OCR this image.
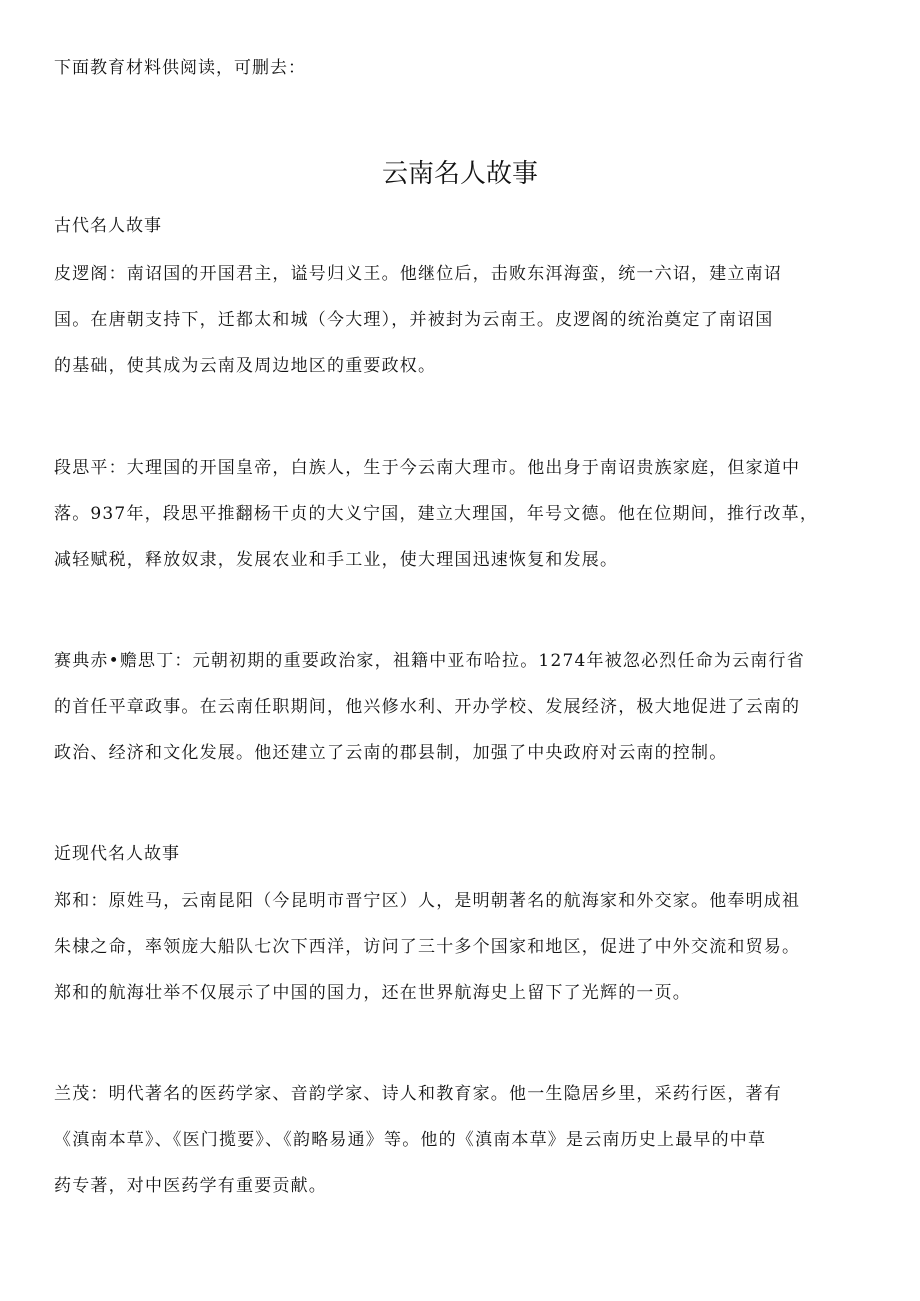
下面教育材料供阅读，可删去：
云南名人故事
古代名人故事
皮逻阁：南诏国的开国君主，谥号归义王。他继位后，击败东洱海蛮，统一六诏，建立南诏
国。在唐朝支持下，迁都太和城（今大理），并被封为云南王。皮逻阁的统治奠定了南诏国
的基础，使其成为云南及周边地区的重要政权。
段思平：大理国的开国皇帝，白族人，生于今云南大理市。他出身于南诏贵族家庭，但家道中
落。937年，段思平推翻杨干贞的大义宁国，建立大理国，年号文德。他在位期间，推行改革，
减轻赋税，释放奴隶，发展农业和手工业，使大理国迅速恢复和发展。
赛典赤•赡思丁：元朝初期的重要政治家，祖籍中亚布哈拉。1274年被忽必烈任命为云南行省
的首任平章政事。在云南任职期间，他兴修水利、开办学校、发展经济，极大地促进了云南的
政治、经济和文化发展。他还建立了云南的郡县制，加强了中央政府对云南的控制。
近现代名人故事
郑和：原姓马，云南昆阳（今昆明市晋宁区）人，是明朝著名的航海家和外交家。他奉明成祖
朱棣之命，率领庞大船队七次下西洋，访问了三十多个国家和地区，促进了中外交流和贸易。
郑和的航海壮举不仅展示了中国的国力，还在世界航海史上留下了光辉的一页。
兰茂：明代著名的医药学家、音韵学家、诗人和教育家。他一生隐居乡里，采药行医，著有
《滇南本草》、《医门揽要》、《韵略易通》等。他的《滇南本草》是云南历史上最早的中草
药专著，对中医药学有重要贡献。
